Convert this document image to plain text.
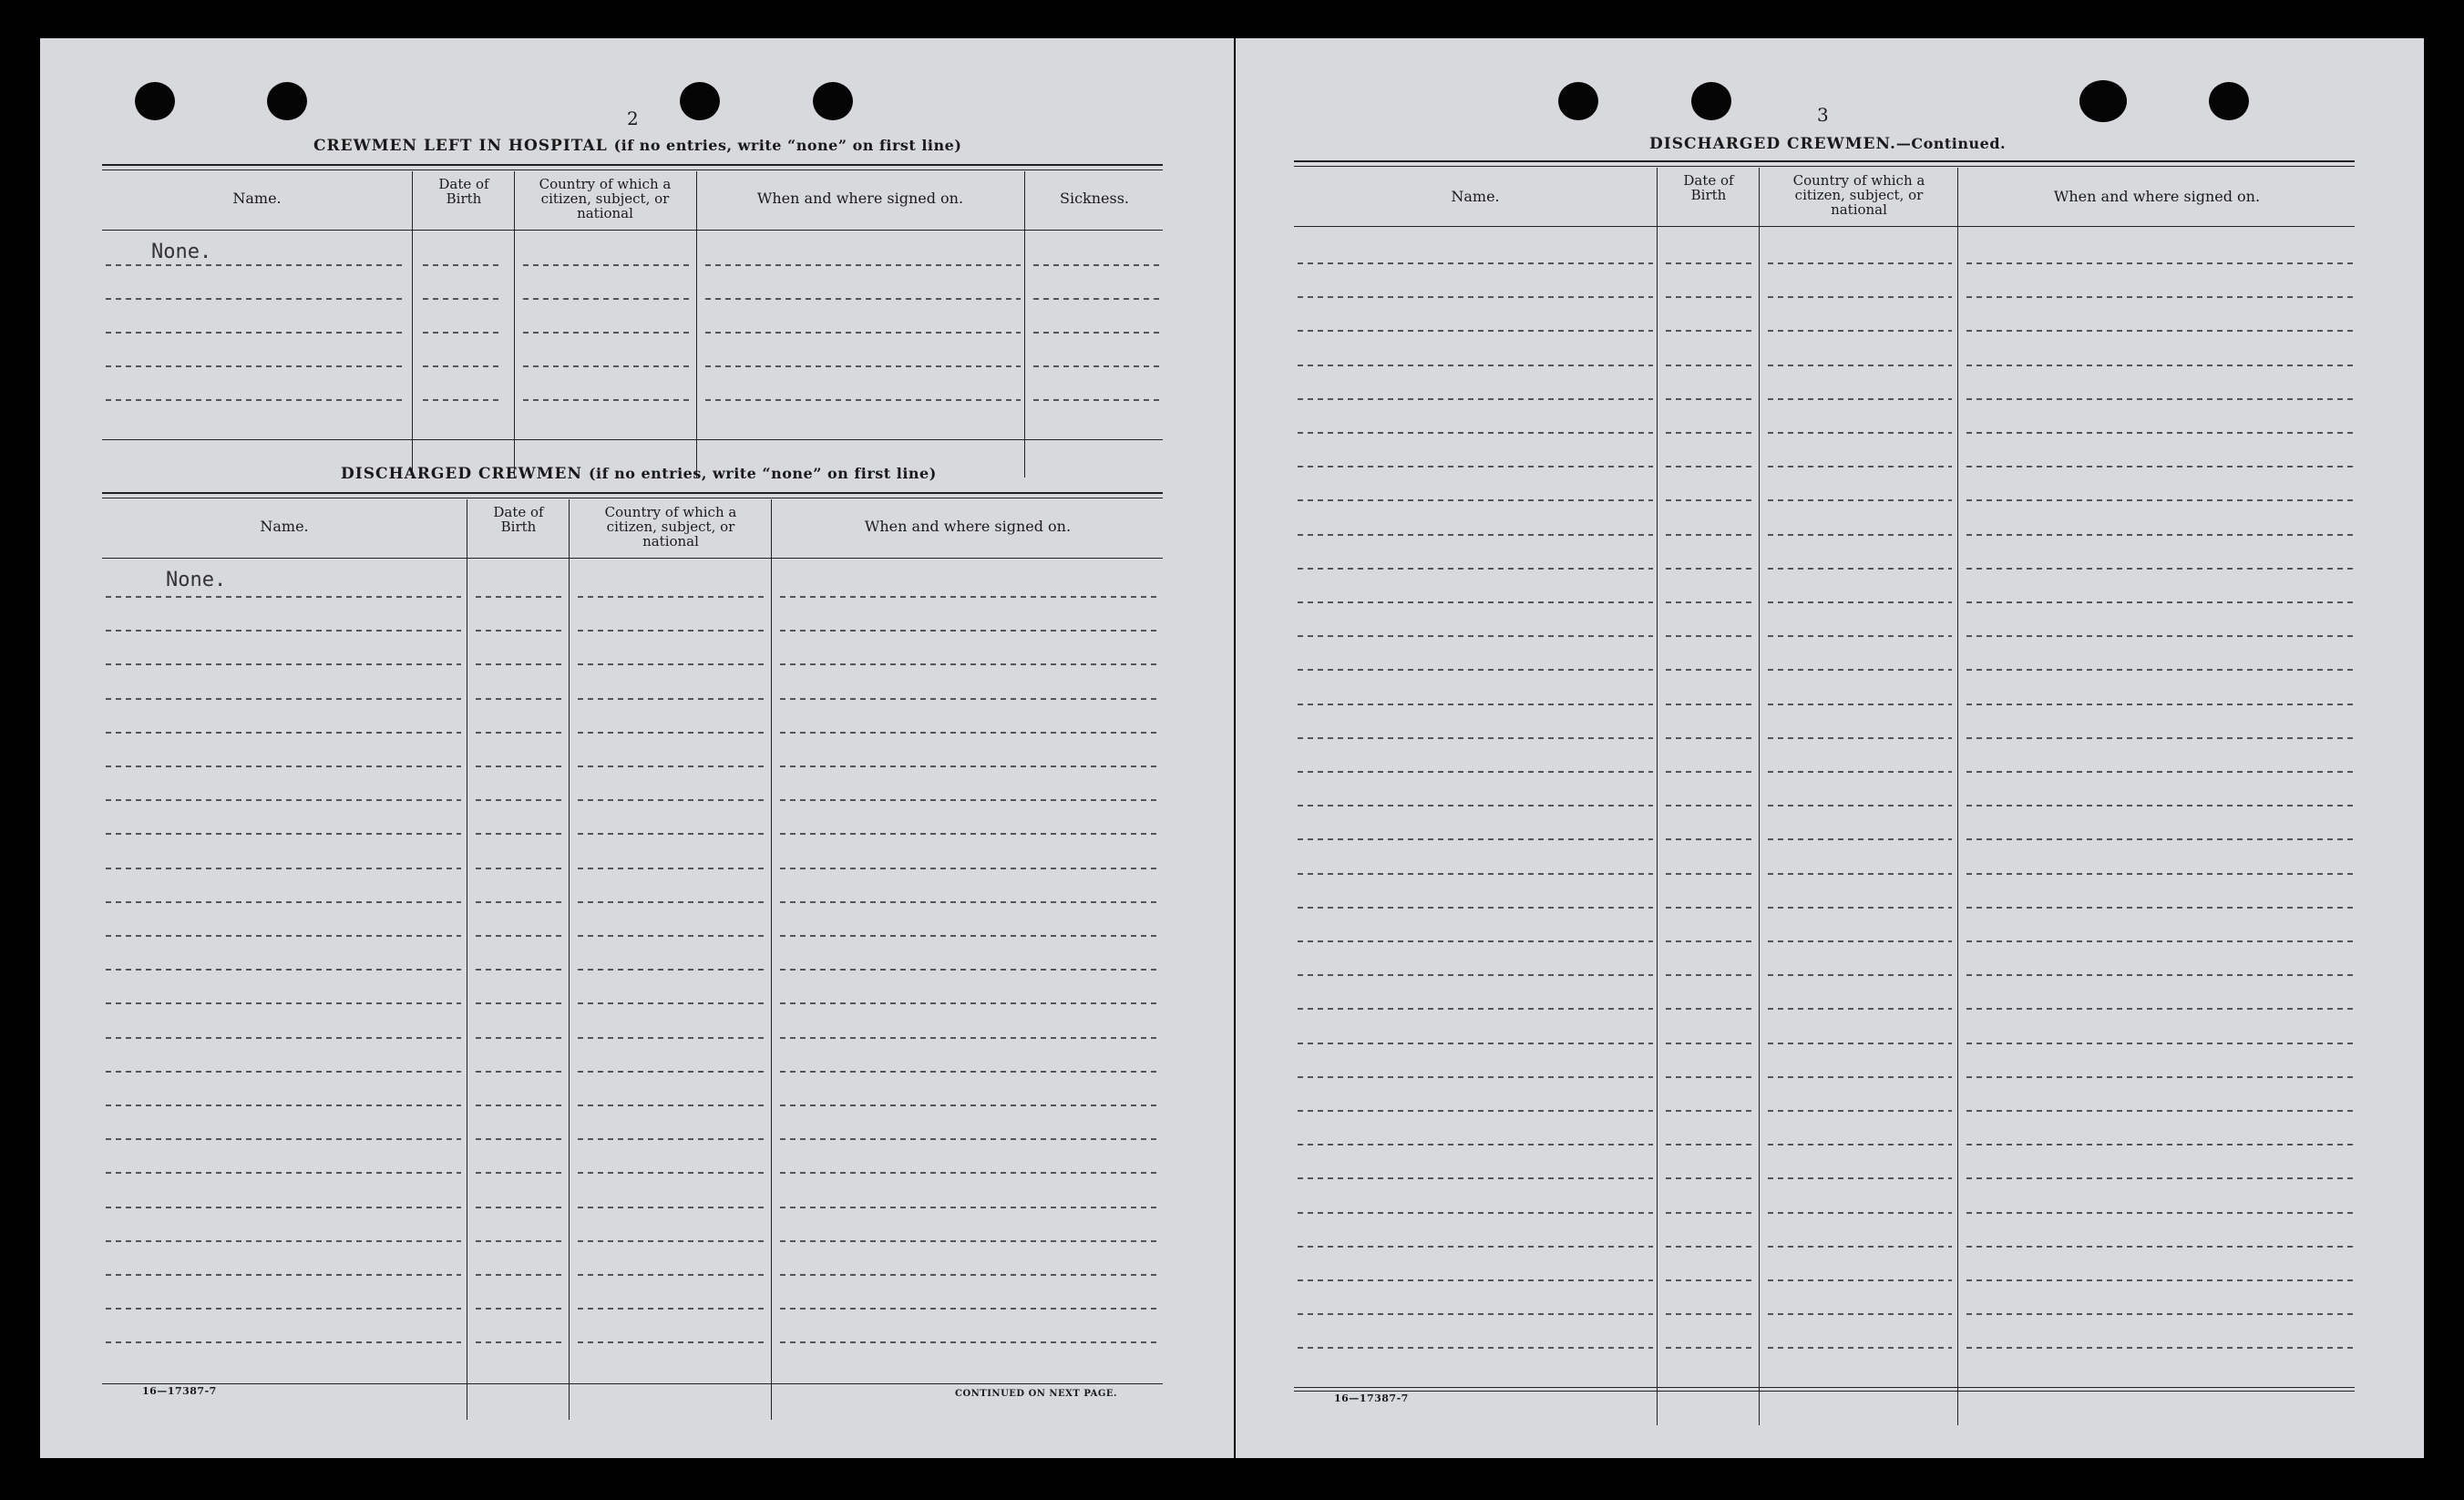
2
CREWMEN LEFT IN HOSPITAL (if no entries, write “none” on first line)
Name.
Date of Birth
Country of which a citizen, subject, or national
When and where signed on.	Sickness.
None.
DISCHARGED CREWMEN (if no entries, write “none” on first line)
Name.
Date of Birth
Country of which a citizen, subject, or national
When and where signed on.
None.
16—17387-7	CONTINUED ON NEXT PAGE.
3
DISCHARGED CREWMEN.—Continued.
Name.
Date of Birth
Country of which a citizen, subject, or national
When and where signed on.
16—17387-7
